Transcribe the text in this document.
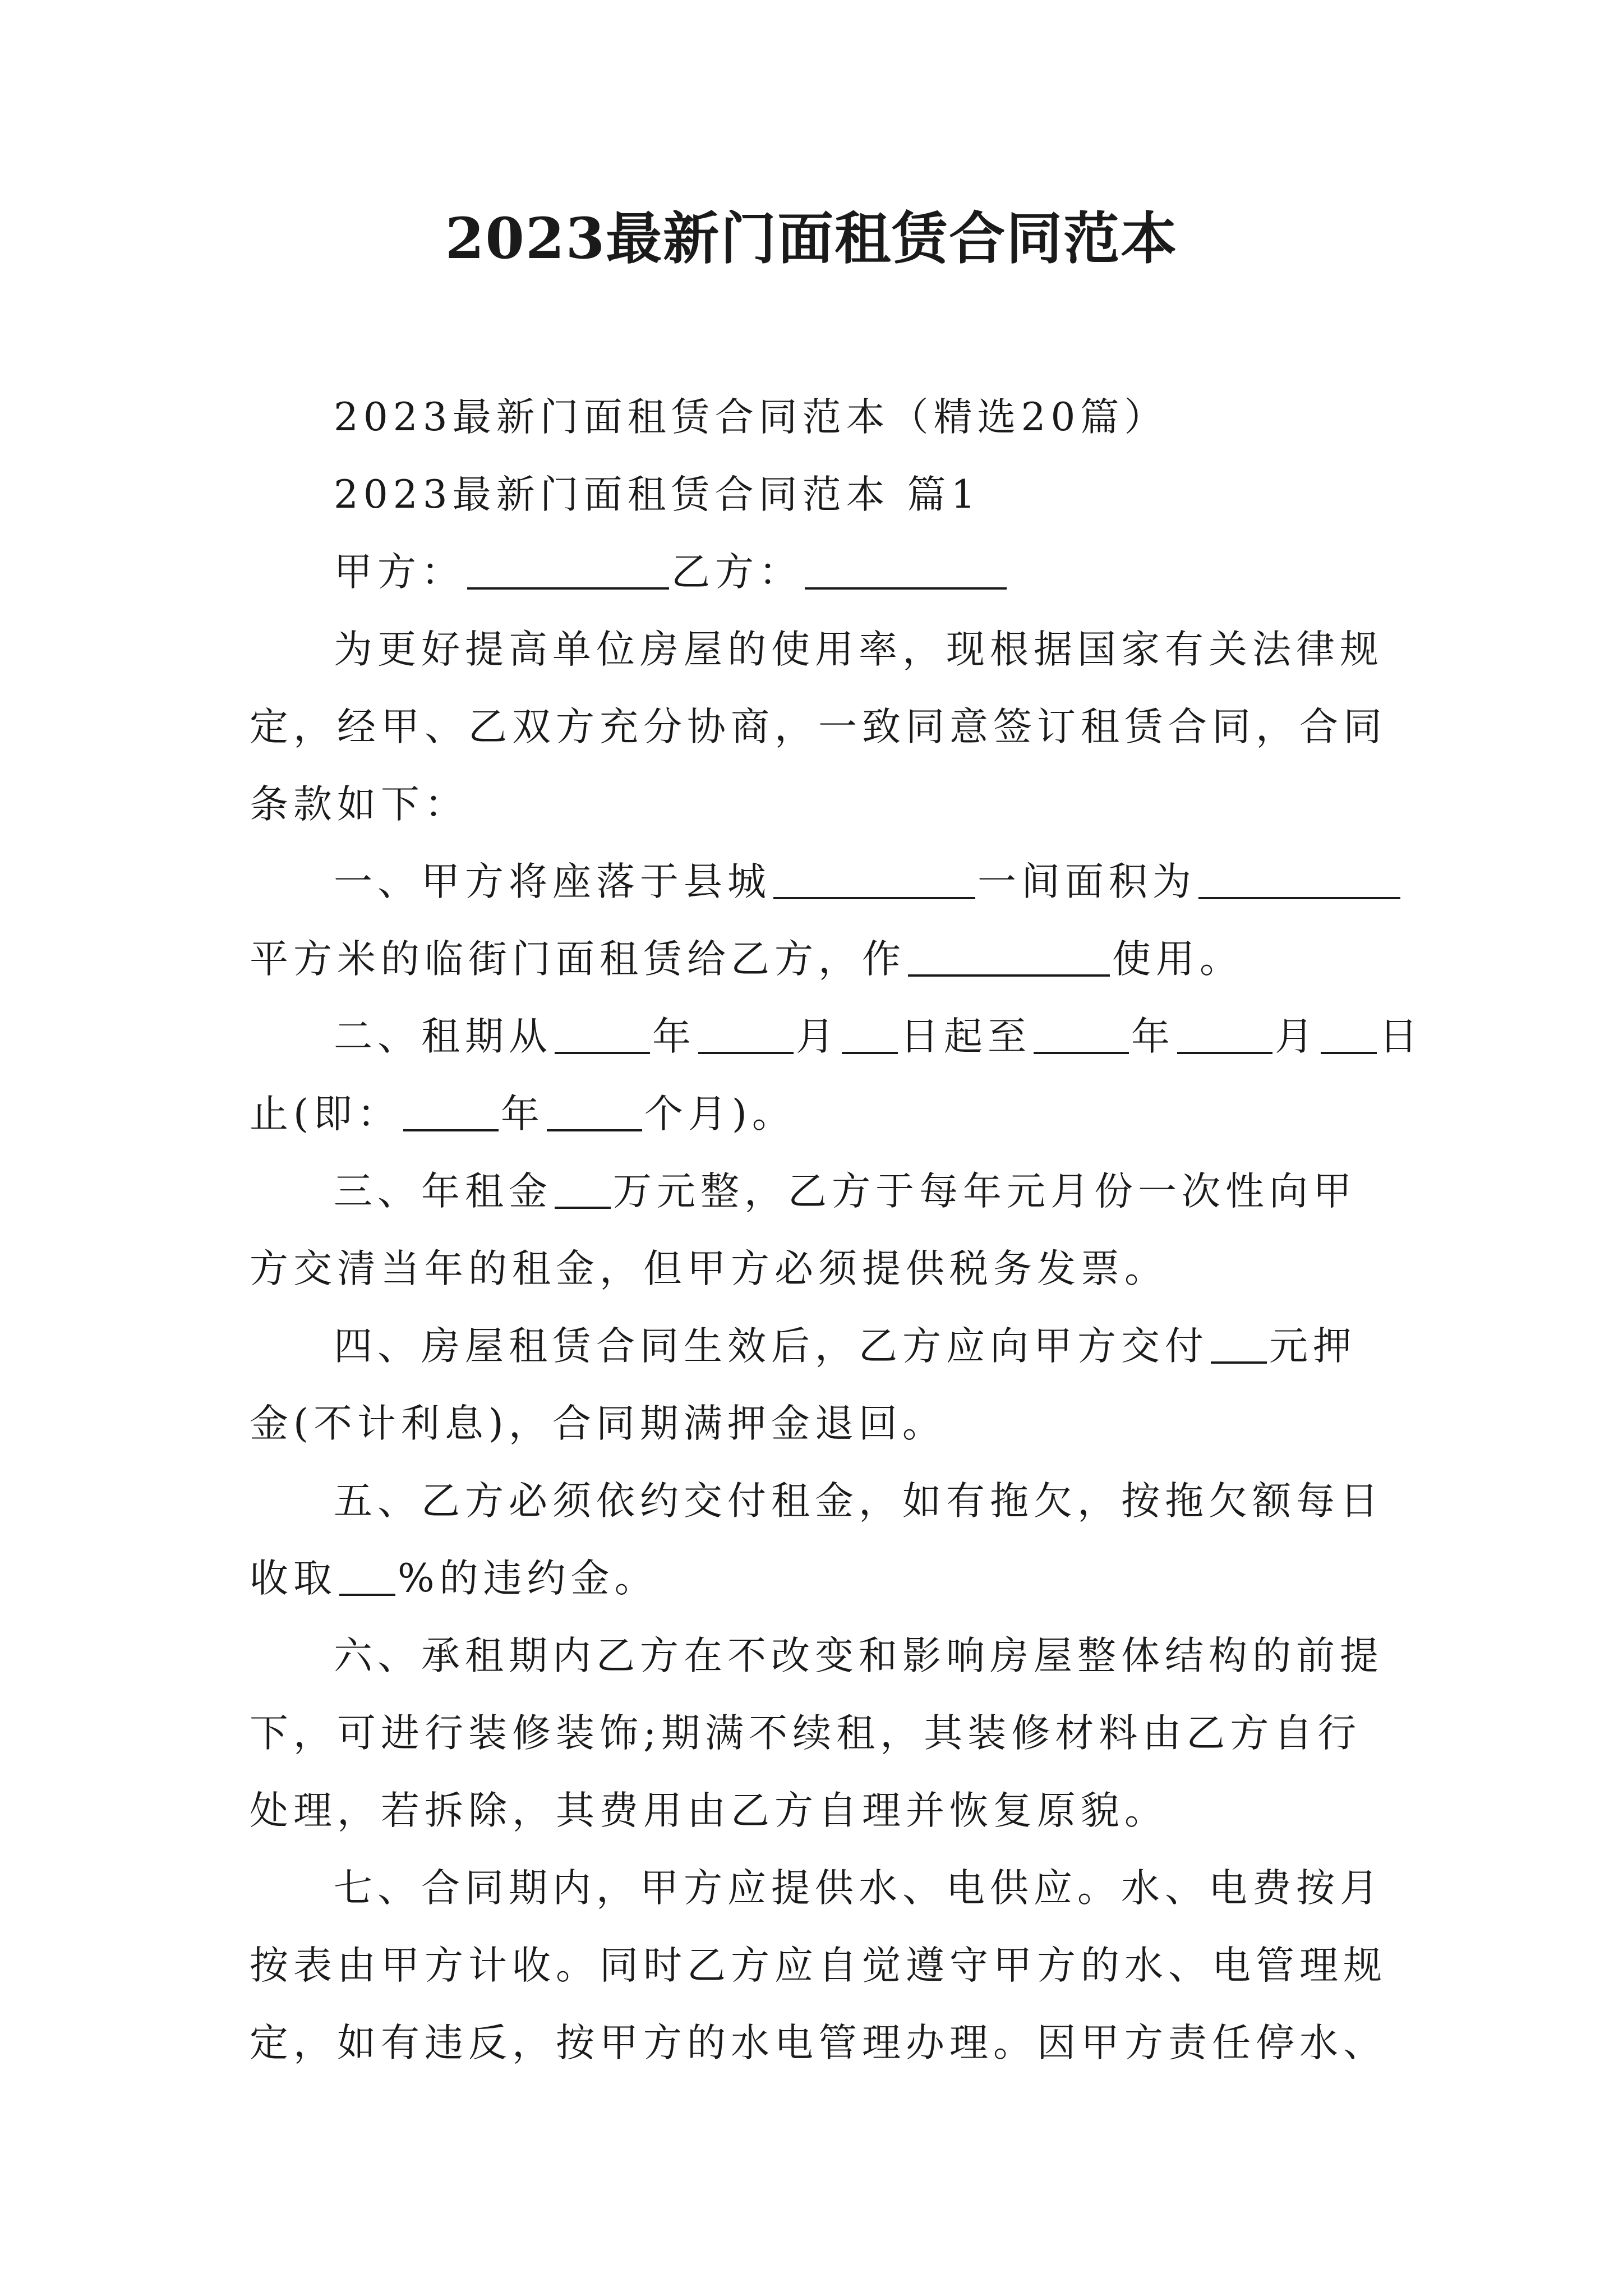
2023最新门面租赁合同范本
2023最新门面租赁合同范本（精选20篇）
2023最新门面租赁合同范本 篇1
甲方：	乙方：
为更好提高单位房屋的使用率，现根据国家有关法律规
定，经甲、乙双方充分协商，一致同意签订租赁合同，合同
条款如下：
一、甲方将座落于县城	一间面积为
平方米的临街门面租赁给乙方，作	使用。
二、租期从	年	月 日起至	年	月 日
止(即：	年	个月)。
三、年租金 万元整，乙方于每年元月份一次性向甲
方交清当年的租金，但甲方必须提供税务发票。
四、房屋租赁合同生效后，乙方应向甲方交付 元押
金(不计利息)，合同期满押金退回。
五、乙方必须依约交付租金，如有拖欠，按拖欠额每日
收取 %的违约金。
六、承租期内乙方在不改变和影响房屋整体结构的前提
下，可进行装修装饰;期满不续租，其装修材料由乙方自行
处理，若拆除，其费用由乙方自理并恢复原貌。
七、合同期内，甲方应提供水、电供应。水、电费按月
按表由甲方计收。同时乙方应自觉遵守甲方的水、电管理规
定，如有违反，按甲方的水电管理办理。因甲方责任停水、
